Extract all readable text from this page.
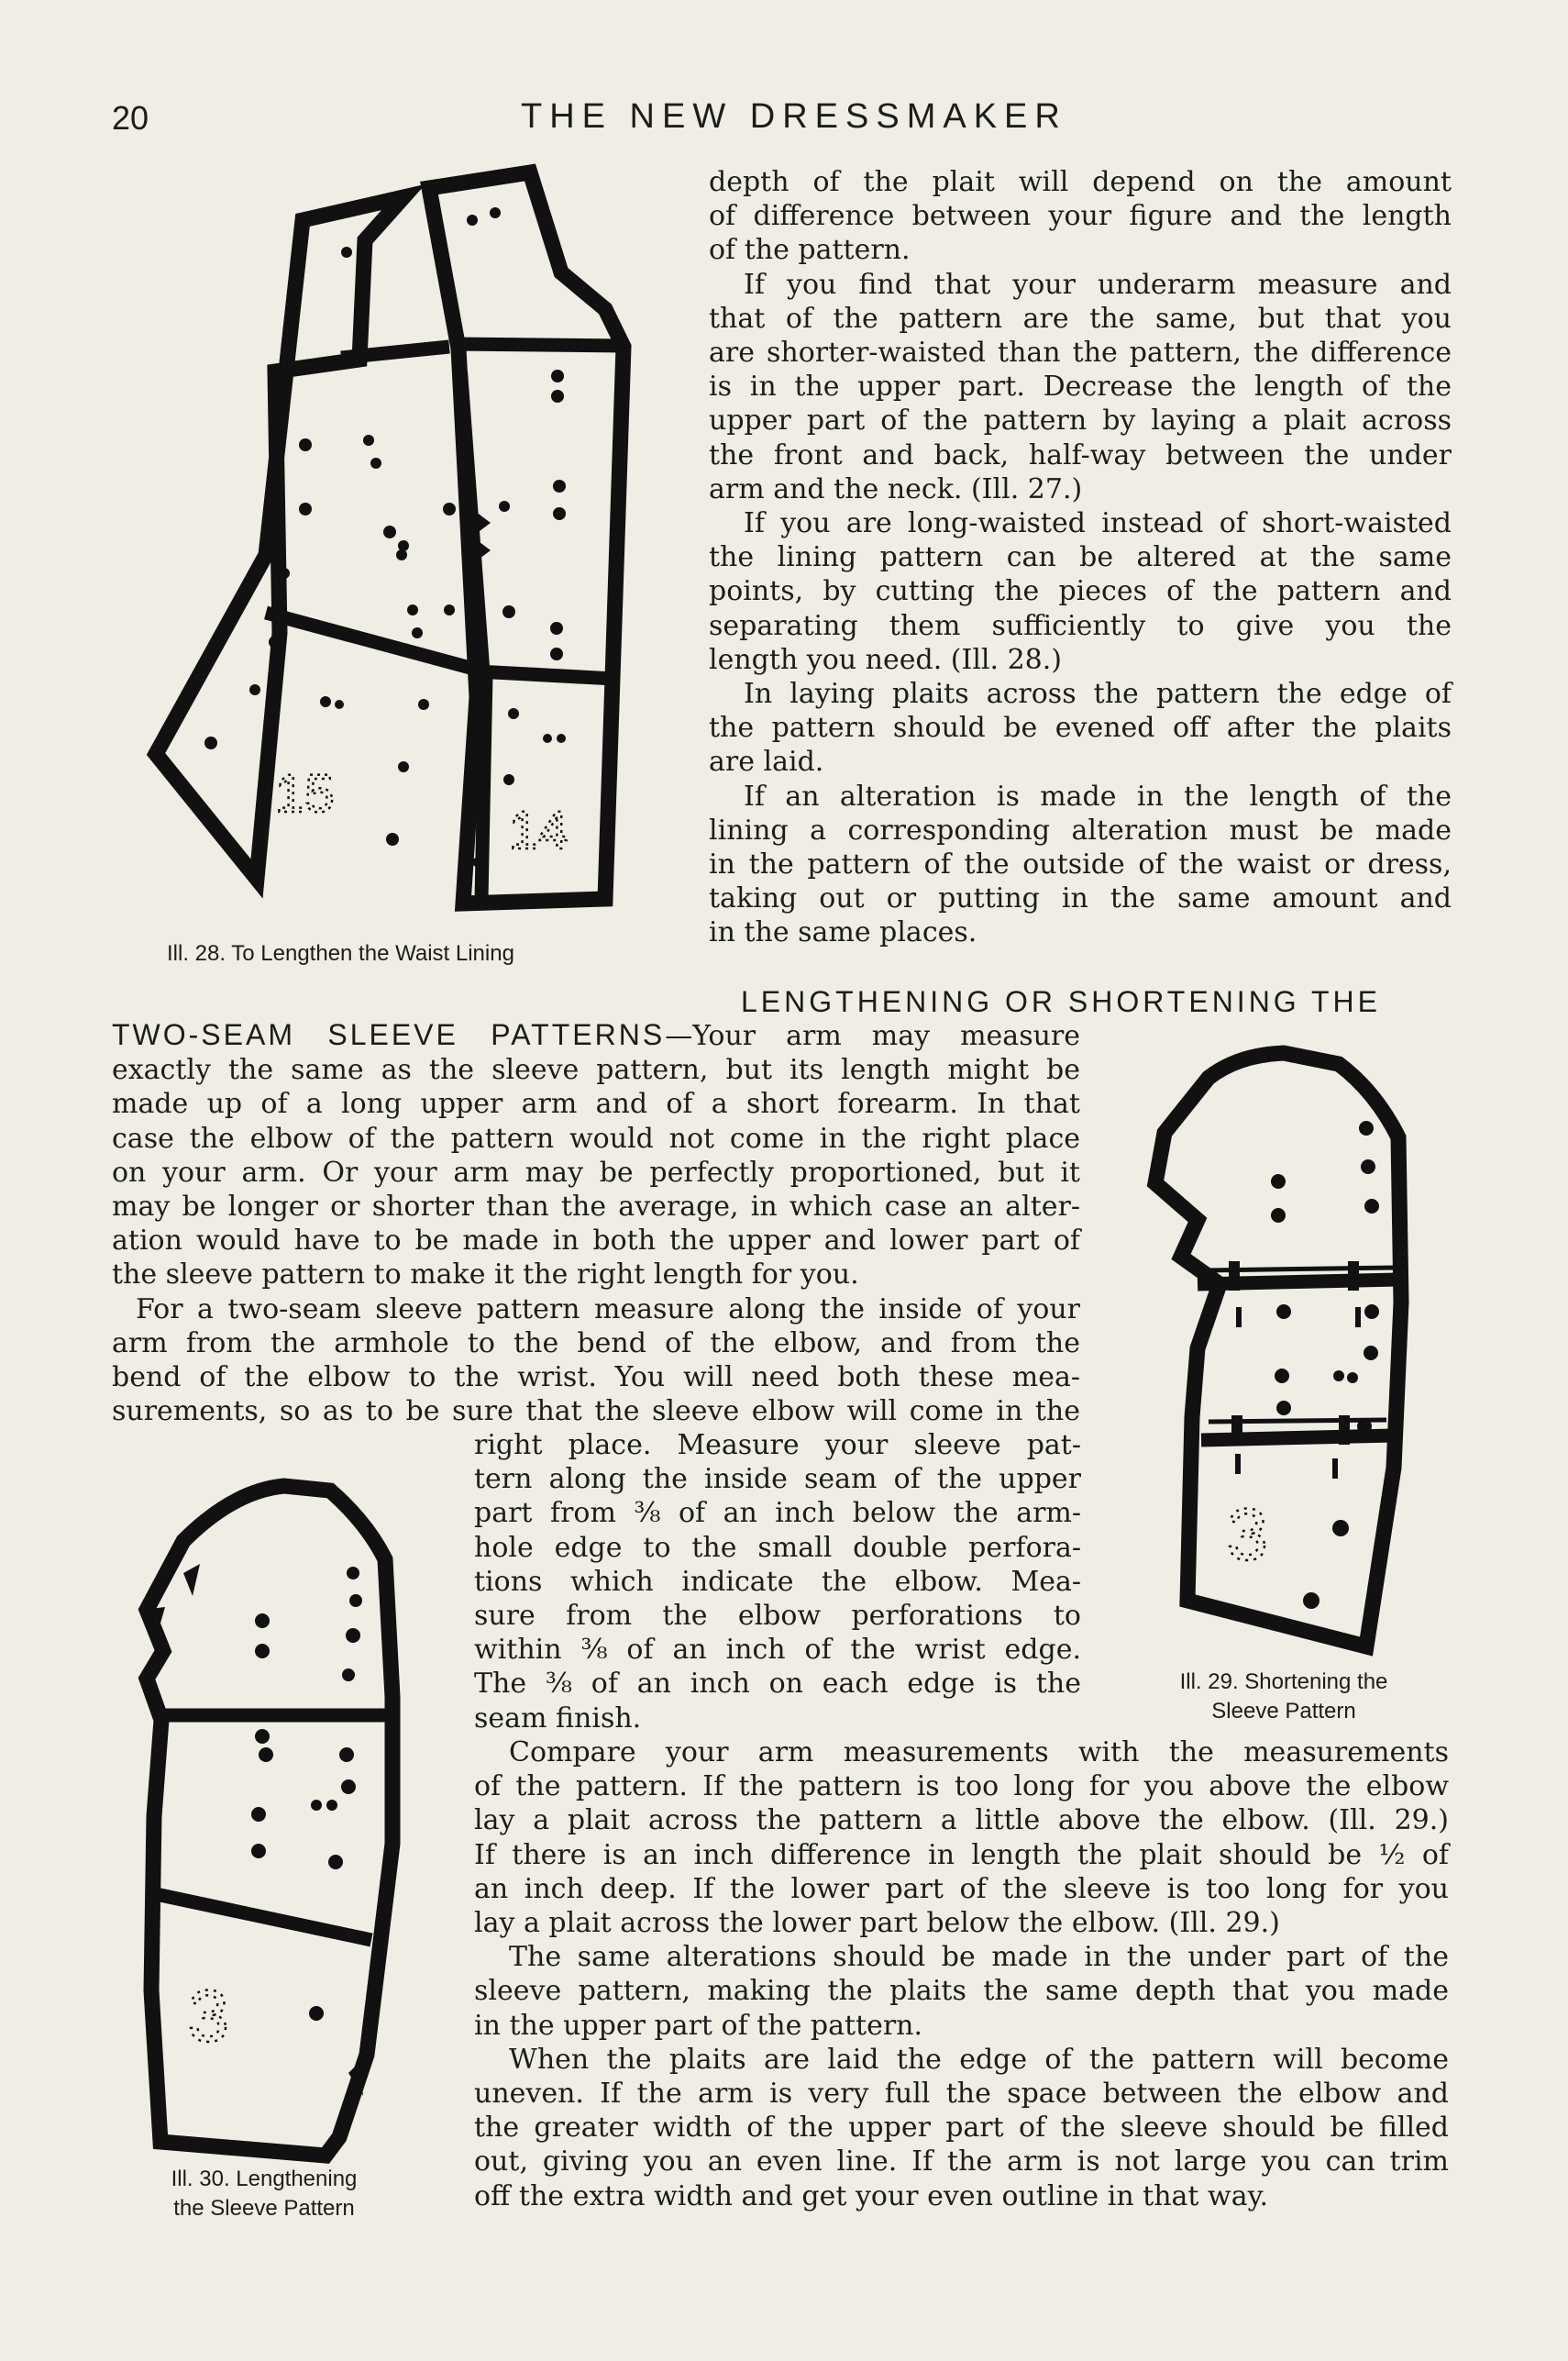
20	THE NEW DRESSMAKER
15
14
Ill. 28. To Lengthen the Waist Lining
depth of the plait will depend on the amount
of difference between your figure and the length
of the pattern.
If you find that your underarm measure and
that of the pattern are the same, but that you
are shorter-waisted than the pattern, the difference
is in the upper part. Decrease the length of the
upper part of the pattern by laying a plait across
the front and back, half-way between the under
arm and the neck. (Ill. 27.)
If you are long-waisted instead of short-waisted
the lining pattern can be altered at the same
points, by cutting the pieces of the pattern and
separating them sufficiently to give you the
length you need. (Ill. 28.)
In laying plaits across the pattern the edge of
the pattern should be evened off after the plaits
are laid.
If an alteration is made in the length of the
lining a corresponding alteration must be made
in the pattern of the outside of the waist or dress,
taking out or putting in the same amount and
in the same places.
LENGTHENING OR SHORTENING THE
TWO-SEAM SLEEVE PATTERNS—Your arm may measure
exactly the same as the sleeve pattern, but its length might be
made up of a long upper arm and of a short forearm. In that
case the elbow of the pattern would not come in the right place
on your arm. Or your arm may be perfectly proportioned, but it
may be longer or shorter than the average, in which case an alter-
ation would have to be made in both the upper and lower part of
the sleeve pattern to make it the right length for you.
For a two-seam sleeve pattern measure along the inside of your
arm from the armhole to the bend of the elbow, and from the
bend of the elbow to the wrist. You will need both these mea-
surements, so as to be sure that the sleeve elbow will come in the
right place. Measure your sleeve pat-
tern along the inside seam of the upper
part from ⅜ of an inch below the arm-
hole edge to the small double perfora-
tions which indicate the elbow. Mea-
sure from the elbow perforations to
within ⅜ of an inch of the wrist edge.
The ⅜ of an inch on each edge is the
seam finish.
Compare your arm measurements with the measurements
of the pattern. If the pattern is too long for you above the elbow
lay a plait across the pattern a little above the elbow. (Ill. 29.)
If there is an inch difference in length the plait should be ½ of
an inch deep. If the lower part of the sleeve is too long for you
lay a plait across the lower part below the elbow. (Ill. 29.)
The same alterations should be made in the under part of the
sleeve pattern, making the plaits the same depth that you made
in the upper part of the pattern.
When the plaits are laid the edge of the pattern will become
uneven. If the arm is very full the space between the elbow and
the greater width of the upper part of the sleeve should be filled
out, giving you an even line. If the arm is not large you can trim
off the extra width and get your even outline in that way.
3
Ill. 29. Shortening the
Sleeve Pattern
3
Ill. 30. Lengthening
the Sleeve Pattern
